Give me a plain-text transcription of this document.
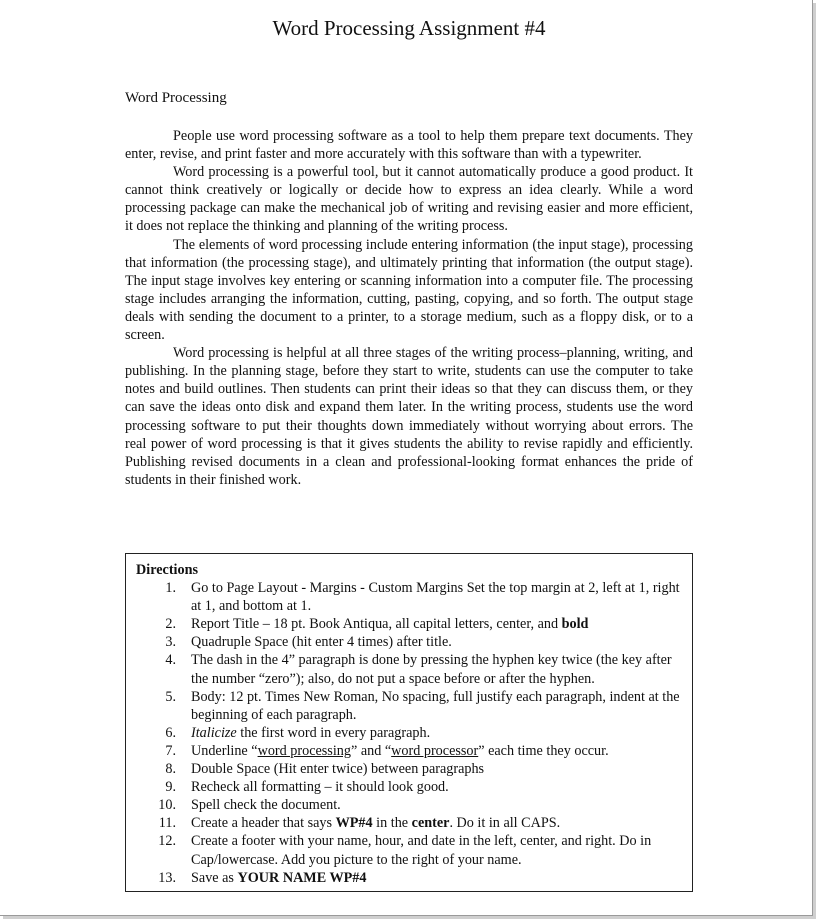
Word Processing Assignment #4
Word Processing

People use word processing software as a tool to help them prepare text documents. They enter, revise, and print faster and more accurately with this software than with a typewriter.

Word processing is a powerful tool, but it cannot automatically produce a good product. It cannot think creatively or logically or decide how to express an idea clearly. While a word processing package can make the mechanical job of writing and revising easier and more efficient, it does not replace the thinking and planning of the writing process.

The elements of word processing include entering information (the input stage), processing that information (the processing stage), and ultimately printing that information (the output stage). The input stage involves key entering or scanning information into a computer file. The processing stage includes arranging the information, cutting, pasting, copying, and so forth. The output stage deals with sending the document to a printer, to a storage medium, such as a floppy disk, or to a screen.

Word processing is helpful at all three stages of the writing process–planning, writing, and publishing. In the planning stage, before they start to write, students can use the computer to take notes and build outlines. Then students can print their ideas so that they can discuss them, or they can save the ideas onto disk and expand them later. In the writing process, students use the word processing software to put their thoughts down immediately without worrying about errors. The real power of word processing is that it gives students the ability to revise rapidly and efficiently. Publishing revised documents in a clean and professional-looking format enhances the pride of students in their finished work.

Directions
1.	Go to Page Layout - Margins - Custom Margins Set the top margin at 2, left at 1, right at 1, and bottom at 1.
2.	Report Title – 18 pt. Book Antiqua, all capital letters, center, and bold
3.	Quadruple Space (hit enter 4 times) after title.
4.	The dash in the 4” paragraph is done by pressing the hyphen key twice (the key after the number “zero”); also, do not put a space before or after the hyphen.
5.	Body: 12 pt. Times New Roman, No spacing, full justify each paragraph, indent at the beginning of each paragraph.
6.	Italicize the first word in every paragraph.
7.	Underline “word processing” and “word processor” each time they occur.
8.	Double Space (Hit enter twice) between paragraphs
9.	Recheck all formatting – it should look good.
10.	Spell check the document.
11.	Create a header that says WP#4 in the center. Do it in all CAPS.
12.	Create a footer with your name, hour, and date in the left, center, and right. Do in Cap/lowercase. Add you picture to the right of your name.
13.	Save as YOUR NAME WP#4
